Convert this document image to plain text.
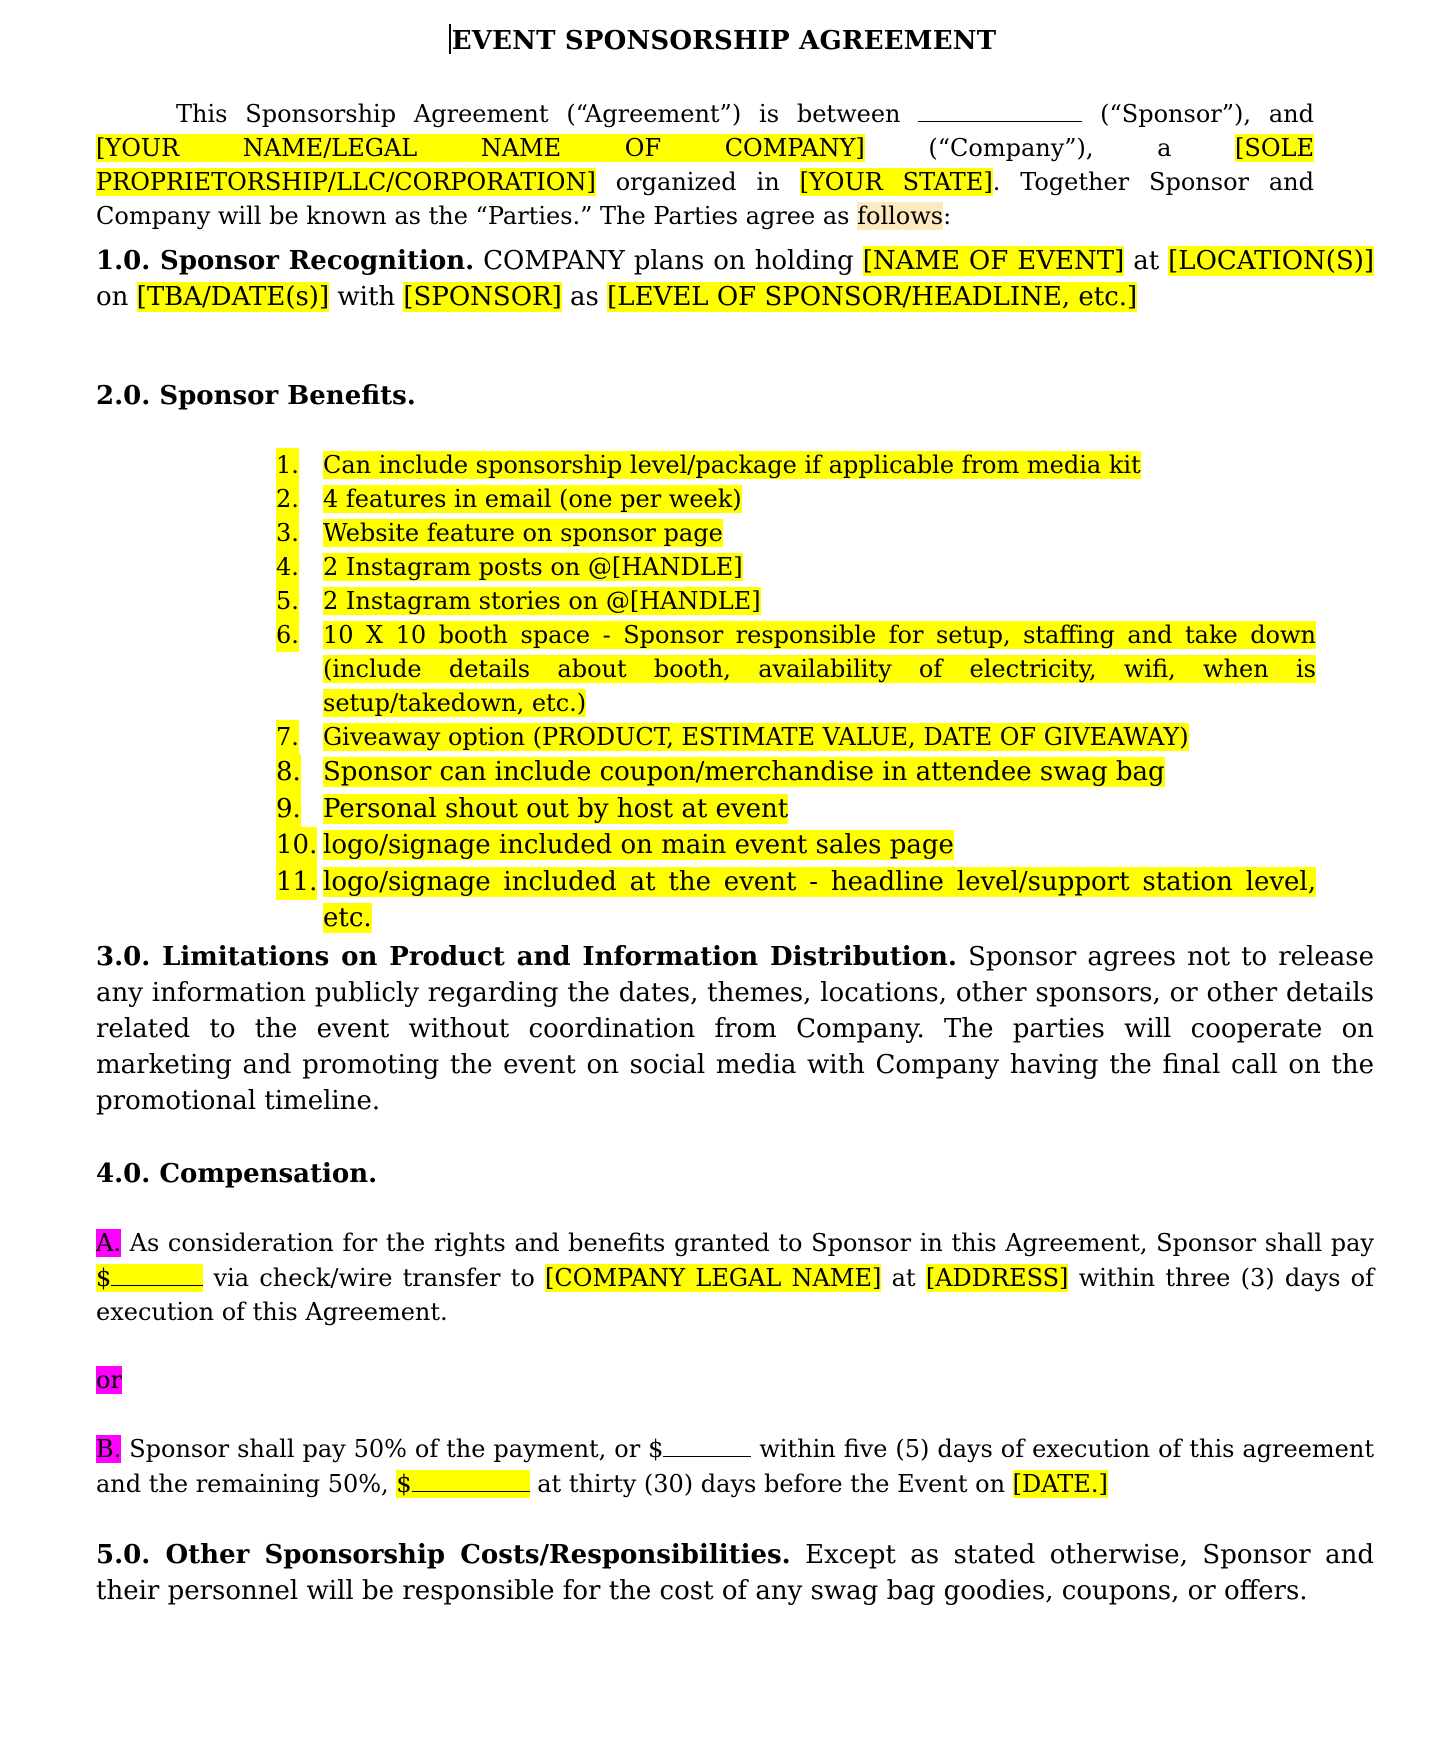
EVENT SPONSORSHIP AGREEMENT

This Sponsorship Agreement (“Agreement”) is between	(“Sponsor”), and [YOUR NAME/LEGAL NAME OF COMPANY]	(“Company”), a	[SOLE PROPRIETORSHIP/LLC/CORPORATION] organized in [YOUR STATE]. Together Sponsor and Company will be known as the “Parties.” The Parties agree as follows:

1.0. Sponsor Recognition. COMPANY plans on holding [NAME OF EVENT] at [LOCATION(S)] on [TBA/DATE(s)] with [SPONSOR] as [LEVEL OF SPONSOR/HEADLINE, etc.]

2.0. Sponsor Benefits.

1. Can include sponsorship level/package if applicable from media kit
2. 4 features in email (one per week)
3. Website feature on sponsor page
4. 2 Instagram posts on @[HANDLE]
5. 2 Instagram stories on @[HANDLE]
6. 10 X 10 booth space - Sponsor responsible for setup, staffing and take down (include details about booth, availability of electricity, wifi, when is setup/takedown, etc.)
7. Giveaway option (PRODUCT, ESTIMATE VALUE, DATE OF GIVEAWAY)
8. Sponsor can include coupon/merchandise in attendee swag bag
9. Personal shout out by host at event
10. logo/signage included on main event sales page
11. logo/signage included at the event - headline level/support station level, etc.

3.0. Limitations on Product and Information Distribution. Sponsor agrees not to release any information publicly regarding the dates, themes, locations, other sponsors, or other details related to the event without coordination from Company. The parties will cooperate on marketing and promoting the event on social media with Company having the final call on the promotional timeline.

4.0. Compensation.

A. As consideration for the rights and benefits granted to Sponsor in this Agreement, Sponsor shall pay $	via check/wire transfer to [COMPANY LEGAL NAME] at [ADDRESS] within three (3) days of execution of this Agreement.

or

B. Sponsor shall pay 50% of the payment, or $	within five (5) days of execution of this agreement and the remaining 50%, $	at thirty (30) days before the Event on [DATE.]

5.0. Other Sponsorship Costs/Responsibilities. Except as stated otherwise, Sponsor and their personnel will be responsible for the cost of any swag bag goodies, coupons, or offers.
